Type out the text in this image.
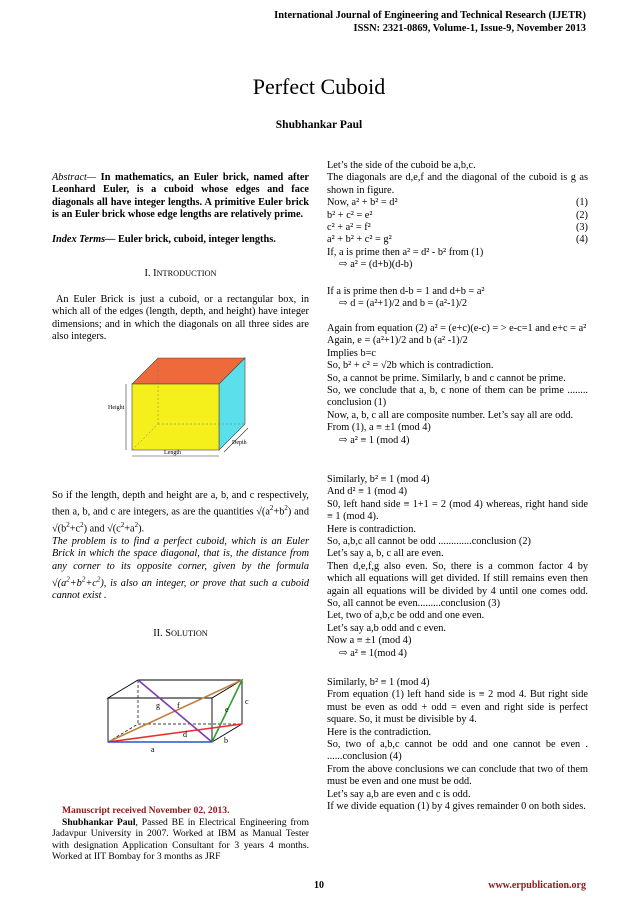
International Journal of Engineering and Technical Research (IJETR)
ISSN: 2321-0869, Volume-1, Issue-9, November 2013
Perfect Cuboid
Shubhankar Paul

Abstract— In mathematics, an Euler brick, named after Leonhard Euler, is a cuboid whose edges and face diagonals all have integer lengths. A primitive Euler brick is an Euler brick whose edge lengths are relatively prime.

Index Terms— Euler brick, cuboid, integer lengths.

I. INTRODUCTION

An Euler Brick is just a cuboid, or a rectangular box, in which all of the edges (length, depth, and height) have integer dimensions; and in which the diagonals on all three sides are also integers.

Height
Depth
Length

So if the length, depth and height are a, b, and c respectively, then a, b, and c are integers, as are the quantities $√(a^2+b^2)$ and $√(b^2+c^2)$ and $√(c^2+a^2)$.

The problem is to find a perfect cuboid, which is an Euler Brick in which the space diagonal, that is, the distance from any corner to its opposite corner, given by the formula $√(a^2+b^2+c^2)$, is also an integer, or prove that such a cuboid cannot exist .

II. SOLUTION
g f	c
e
d
b
a
Manuscript received November 02, 2013.
Shubhankar Paul, Passed BE in Electrical Engineering from Jadavpur University in 2007. Worked at IBM as Manual Tester with designation Application Consultant for 3 years 4 months. Worked at IIT Bombay for 3 months as JRF

Let’s the side of the cuboid be a,b,c.

The diagonals are d,e,f and the diagonal of the cuboid is g as shown in figure.

Now, a² + b² = d²	(1)
b² + c² = e²	(2)
c² + a² = f²	(3)
a² + b² + c² = g²	(4)

If, a is prime then a² = d² - b² from (1)

⇨ a² = (d+b)(d-b)

If a is prime then d-b = 1 and d+b = a²

⇨ d = (a²+1)/2 and b = (a²-1)/2

Again from equation (2) a² = (e+c)(e-c) = > e-c=1 and e+c = a²

Again, e = (a²+1)/2 and b (a² -1)/2

Implies b=c

So, b² + c² = √2b which is contradiction.

So, a cannot be prime. Similarly, b and c cannot be prime.

So, we conclude that a, b, c none of them can be prime ........ conclusion (1)

Now, a, b, c all are composite number. Let’s say all are odd.

From (1), a ≡ ±1 (mod 4)

⇨ a² ≡ 1 (mod 4)

Similarly, b² ≡ 1 (mod 4)

And d² ≡ 1 (mod 4)

S0, left hand side ≡ 1+1 = 2 (mod 4) whereas, right hand side ≡ 1 (mod 4).

Here is contradiction.

So, a,b,c all cannot be odd .............conclusion (2)

Let’s say a, b, c all are even.

Then d,e,f,g also even. So, there is a common factor 4 by which all equations will get divided. If still remains even then again all equations will be divided by 4 until one comes odd. So, all cannot be even.........conclusion (3)

Let, two of a,b,c be odd and one even.

Let’s say a,b odd and c even.

Now a ≡ ±1 (mod 4)

⇨ a² ≡ 1(mod 4)

Similarly, b² ≡ 1 (mod 4)

From equation (1) left hand side is ≡ 2 mod 4. But right side must be even as odd + odd = even and right side is perfect square. So, it must be divisible by 4.

Here is the contradiction.

So, two of a,b,c cannot be odd and one cannot be even . ......conclusion (4)

From the above conclusions we can conclude that two of them must be even and one must be odd.

Let’s say a,b are even and c is odd.

If we divide equation (1) by 4 gives remainder 0 on both sides.

10	www.erpublication.org
